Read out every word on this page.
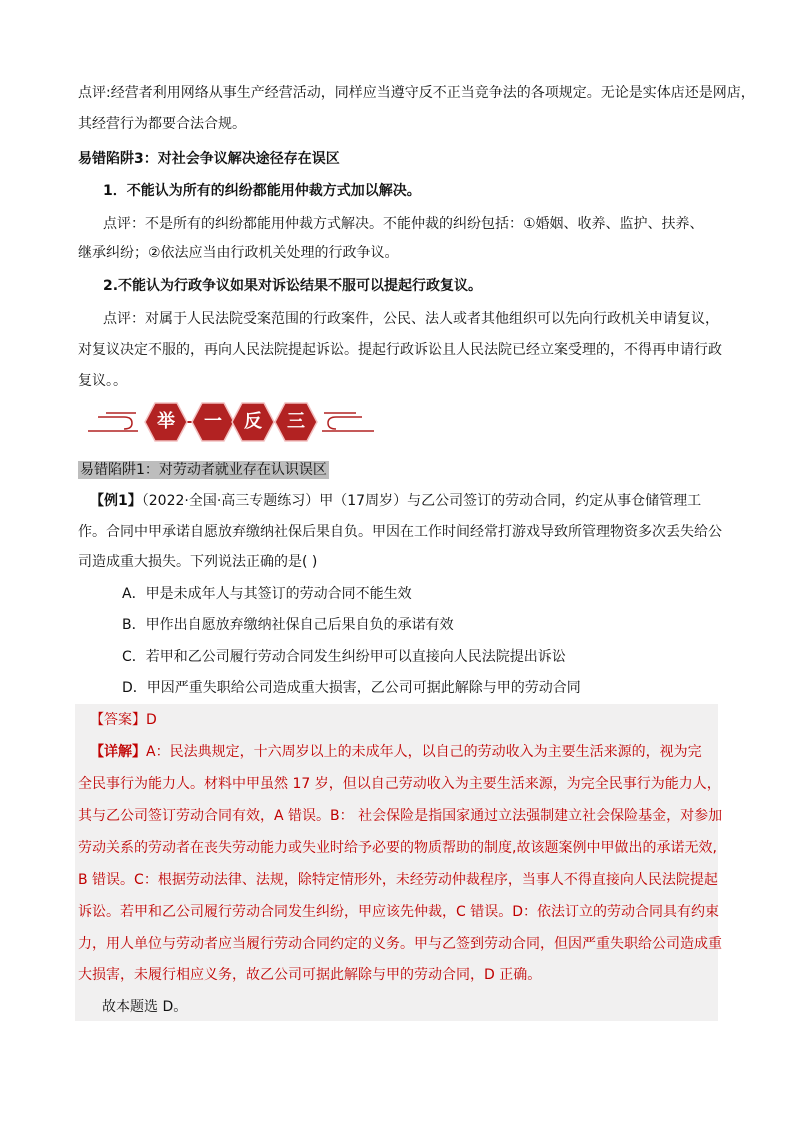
点评:经营者利用网络从事生产经营活动，同样应当遵守反不正当竞争法的各项规定。无论是实体店还是网店，
其经营行为都要合法合规。
易错陷阱3：对社会争议解决途径存在误区
1．不能认为所有的纠纷都能用仲裁方式加以解决。
点评：不是所有的纠纷都能用仲裁方式解决。不能仲裁的纠纷包括：①婚姻、收养、监护、扶养、
继承纠纷；②依法应当由行政机关处理的行政争议。
2.不能认为行政争议如果对诉讼结果不服可以提起行政复议。
点评：对属于人民法院受案范围的行政案件，公民、法人或者其他组织可以先向行政机关申请复议，
对复议决定不服的，再向人民法院提起诉讼。提起行政诉讼且人民法院已经立案受理的，不得再申请行政
复议。。
举	一	反	三
易错陷阱1：对劳动者就业存在认识误区
【例1】（2022·全国·高三专题练习）甲（17周岁）与乙公司签订的劳动合同，约定从事仓储管理工
作。合同中甲承诺自愿放弃缴纳社保后果自负。甲因在工作时间经常打游戏导致所管理物资多次丢失给公
司造成重大损失。下列说法正确的是( )
A．甲是未成年人与其签订的劳动合同不能生效
B．甲作出自愿放弃缴纳社保自己后果自负的承诺有效
C．若甲和乙公司履行劳动合同发生纠纷甲可以直接向人民法院提出诉讼
D．甲因严重失职给公司造成重大损害，乙公司可据此解除与甲的劳动合同
【答案】D
【详解】A：民法典规定，十六周岁以上的未成年人，以自己的劳动收入为主要生活来源的，视为完
全民事行为能力人。材料中甲虽然 17 岁，但以自己劳动收入为主要生活来源，为完全民事行为能力人，
其与乙公司签订劳动合同有效，A 错误。B： 社会保险是指国家通过立法强制建立社会保险基金，对参加
劳动关系的劳动者在丧失劳动能力或失业时给予必要的物质帮助的制度,故该题案例中甲做出的承诺无效,
B 错误。C：根据劳动法律、法规，除特定情形外，未经劳动仲裁程序，当事人不得直接向人民法院提起
诉讼。若甲和乙公司履行劳动合同发生纠纷，甲应该先仲裁，C 错误。D：依法订立的劳动合同具有约束
力，用人单位与劳动者应当履行劳动合同约定的义务。甲与乙签到劳动合同，但因严重失职给公司造成重
大损害，未履行相应义务，故乙公司可据此解除与甲的劳动合同，D 正确。
故本题选 D。
